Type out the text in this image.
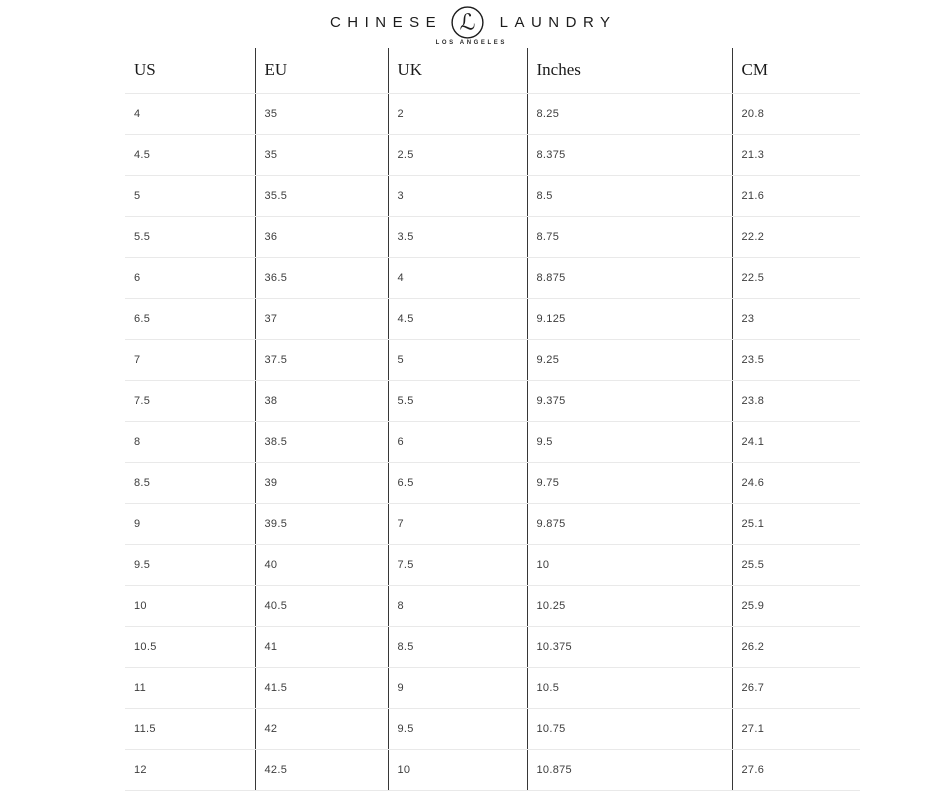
CHINESE ℒ	LAUNDRY
LOS ANGELES
US	EU	UK	Inches	CM
4	35	2	8.25	20.8
4.5	35	2.5	8.375	21.3
5	35.5	3	8.5	21.6
5.5	36	3.5	8.75	22.2
6	36.5	4	8.875	22.5
6.5	37	4.5	9.125	23
7	37.5	5	9.25	23.5
7.5	38	5.5	9.375	23.8
8	38.5	6	9.5	24.1
8.5	39	6.5	9.75	24.6
9	39.5	7	9.875	25.1
9.5	40	7.5	10	25.5
10	40.5	8	10.25	25.9
10.5	41	8.5	10.375	26.2
11	41.5	9	10.5	26.7
11.5	42	9.5	10.75	27.1
12	42.5	10	10.875	27.6
